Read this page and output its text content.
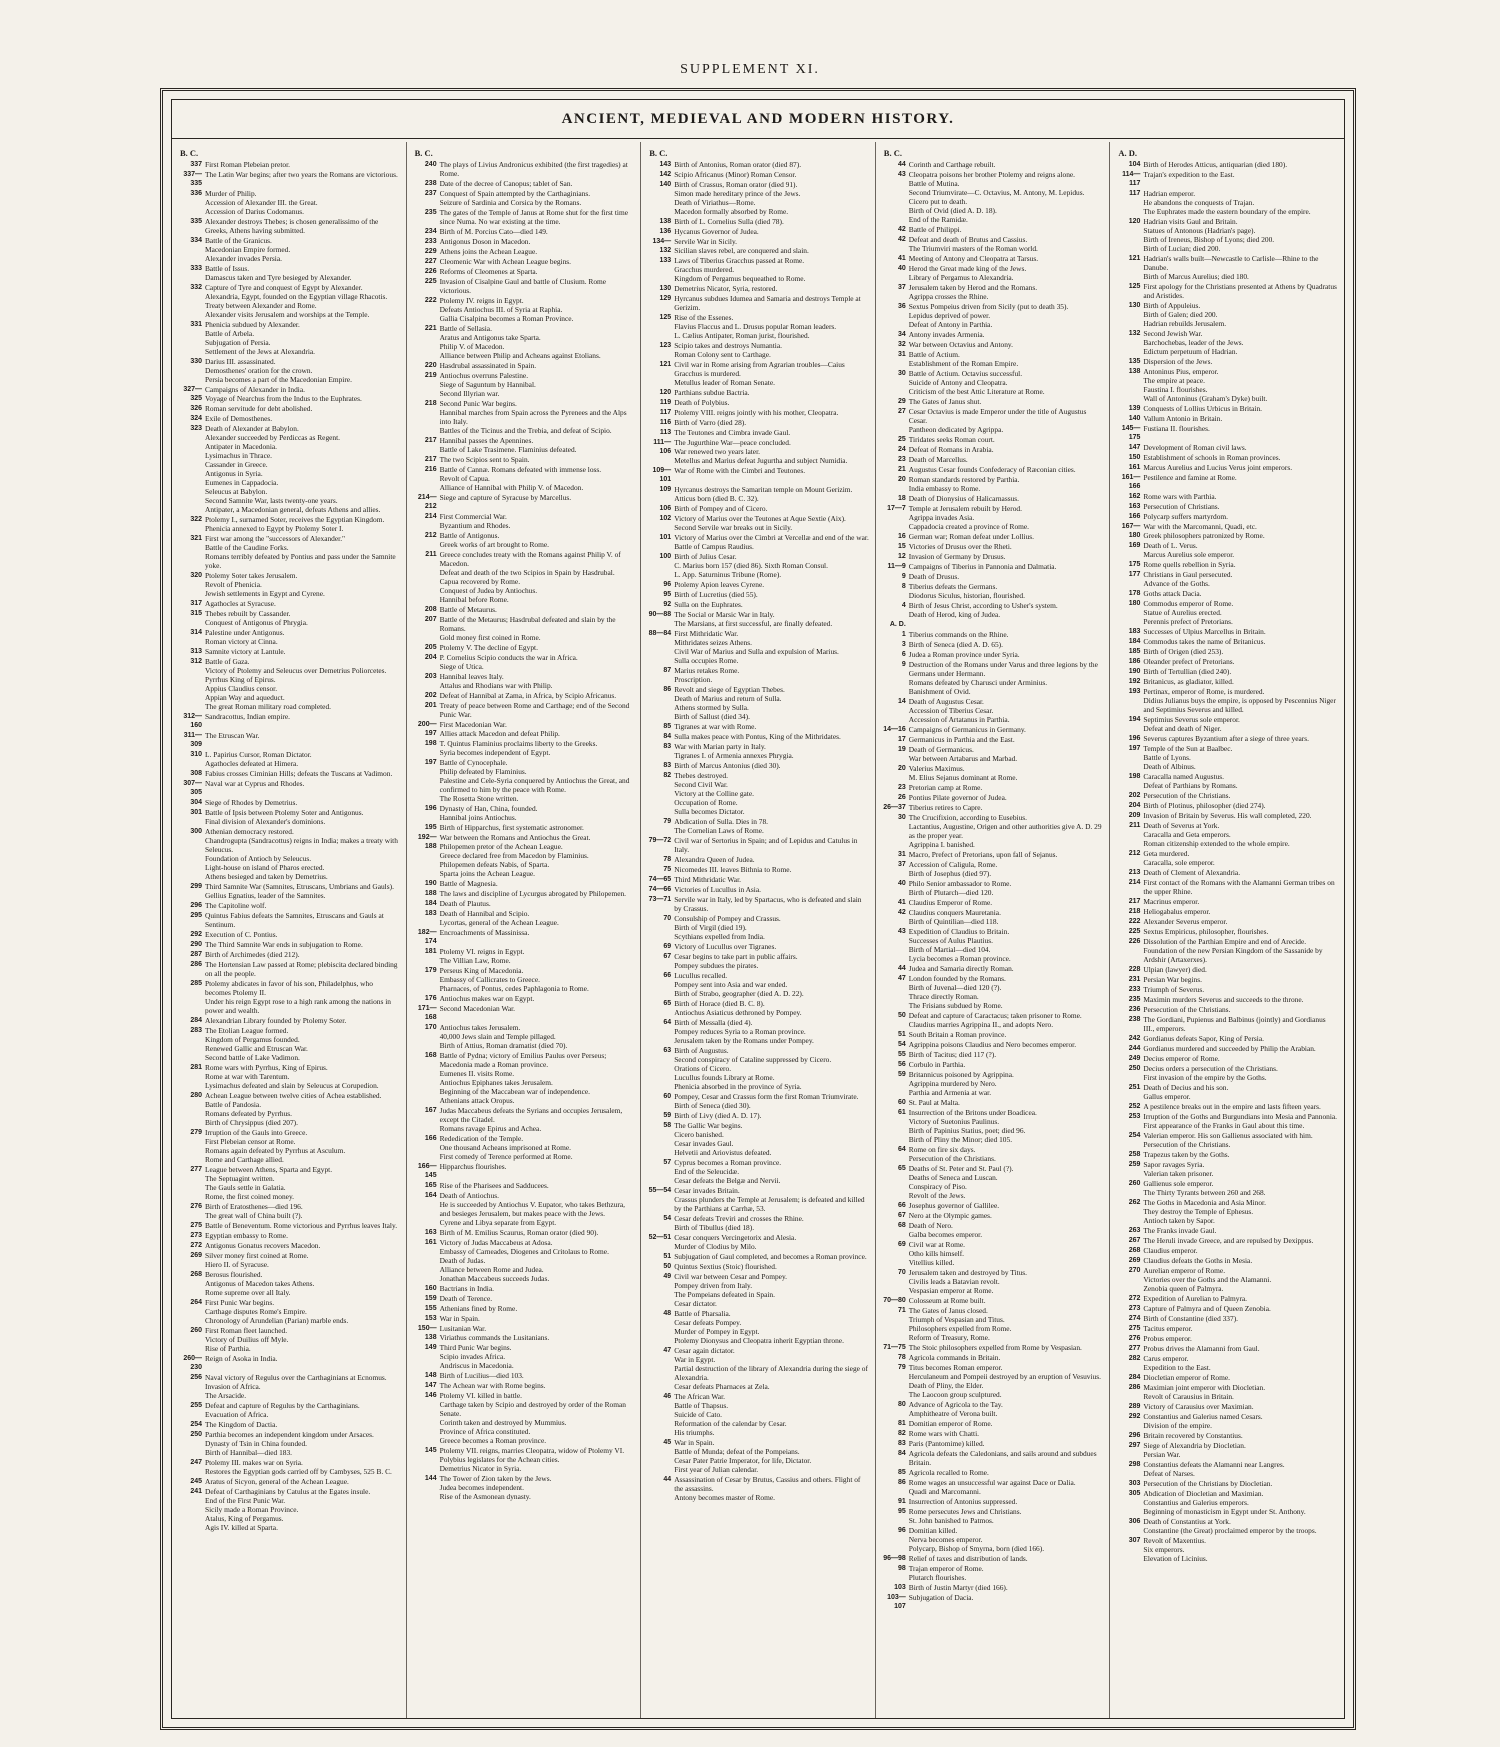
SUPPLEMENT XI.
ANCIENT, MEDIEVAL AND MODERN HISTORY.
B. C.
337 First Roman Plebeian pretor.
337—335
The Latin War begins; after two years the Romans are victorious.
336 Murder of Philip.
Accession of Alexander III. the Great.
Accession of Darius Codomanus.
335 Alexander destroys Thebes; is chosen generalissimo of the Greeks, Athens having submitted.
334 Battle of the Granicus.
Macedonian Empire formed.
Alexander invades Persia.
333 Battle of Issus.
Damascus taken and Tyre besieged by Alexander.
332 Capture of Tyre and conquest of Egypt by Alexander.
Alexandria, Egypt, founded on the Egyptian village Rhacotis.
Treaty between Alexander and Rome.
Alexander visits Jerusalem and worships at the Temple.
331 Phenicia subdued by Alexander.
Battle of Arbela.
Subjugation of Persia.
Settlement of the Jews at Alexandria.
330 Darius III. assassinated.
Demosthenes' oration for the crown.
Persia becomes a part of the Macedonian Empire.
327—325
Campaigns of Alexander in India.
Voyage of Nearchus from the Indus to the Euphrates.
326 Roman servitude for debt abolished.
324 Exile of Demosthenes.
323 Death of Alexander at Babylon.
Alexander succeeded by Perdiccas as Regent.
Antipater in Macedonia.
Lysimachus in Thrace.
Cassander in Greece.
Antigonus in Syria.
Eumenes in Cappadocia.
Seleucus at Babylon.
Second Samnite War, lasts twenty-one years.
Antipater, a Macedonian general, defeats Athens and allies.
322 Ptolemy I., surnamed Soter, receives the Egyptian Kingdom.
Phenicia annexed to Egypt by Ptolemy Soter I.
321 First war among the "successors of Alexander."
Battle of the Caudine Forks.
Romans terribly defeated by Pontius and pass under the Samnite yoke.
320 Ptolemy Soter takes Jerusalem.
Revolt of Phenicia.
Jewish settlements in Egypt and Cyrene.
317 Agathocles at Syracuse.
315 Thebes rebuilt by Cassander.
Conquest of Antigonus of Phrygia.
314 Palestine under Antigonus.
Roman victory at Cinna.
313 Samnite victory at Lantule.
312 Battle of Gaza.
Victory of Ptolemy and Seleucus over Demetrius Poliorcetes.
Pyrrhus King of Epirus.
Appius Claudius censor.
Appian Way and aqueduct.
The great Roman military road completed.
312—160
Sandracottus, Indian empire.
311—309
The Etruscan War.
310 L. Papirius Cursor, Roman Dictator.
Agathocles defeated at Himera.
308 Fabius crosses Ciminian Hills; defeats the Tuscans at Vadimon.
307—305
Naval war at Cyprus and Rhodes.
304 Siege of Rhodes by Demetrius.
301 Battle of Ipsis between Ptolemy Soter and Antigonus.
Final division of Alexander's dominions.
300 Athenian democracy restored.
Chandrogupta (Sandracottus) reigns in India; makes a treaty with Seleucus.
Foundation of Antioch by Seleucus.
Light-house on island of Pharos erected.
Athens besieged and taken by Demetrius.
299 Third Samnite War (Samnites, Etruscans, Umbrians and Gauls).
Gellius Egnatius, leader of the Samnites.
296 The Capitoline wolf.
295 Quintus Fabius defeats the Samnites, Etruscans and Gauls at Sentinum.
292 Execution of C. Pontius.
290 The Third Samnite War ends in subjugation to Rome.
287 Birth of Archimedes (died 212).
286 The Hortensian Law passed at Rome; plebiscita declared binding on all the people.
285 Ptolemy abdicates in favor of his son, Philadelphus, who becomes Ptolemy II.
Under his reign Egypt rose to a high rank among the nations in power and wealth.
284 Alexandrian Library founded by Ptolemy Soter.
283 The Etolian League formed.
Kingdom of Pergamus founded.
Renewed Gallic and Etruscan War.
Second battle of Lake Vadimon.
281 Rome wars with Pyrrhus, King of Epirus.
Rome at war with Tarentum.
Lysimachus defeated and slain by Seleucus at Corupedion.
280 Achean League between twelve cities of Achea established.
Battle of Pandosia.
Romans defeated by Pyrrhus.
Birth of Chrysippus (died 207).
279 Irruption of the Gauls into Greece.
First Plebeian censor at Rome.
Romans again defeated by Pyrrhus at Asculum.
Rome and Carthage allied.
277 League between Athens, Sparta and Egypt.
The Septuagint written.
The Gauls settle in Galatia.
Rome, the first coined money.
276 Birth of Eratosthenes—died 196.
The great wall of China built (?).
275 Battle of Beneventum. Rome victorious and Pyrrhus leaves Italy.
273 Egyptian embassy to Rome.
272 Antigonus Gonatus recovers Macedon.
269 Silver money first coined at Rome.
Hiero II. of Syracuse.
268 Berosus flourished.
Antigonus of Macedon takes Athens.
Rome supreme over all Italy.
264 First Punic War begins.
Carthage disputes Rome's Empire.
Chronology of Arundelian (Parian) marble ends.
260 First Roman fleet launched.
Victory of Duilius off Myle.
Rise of Parthia.
260—230
Reign of Asoka in India.
256 Naval victory of Regulus over the Carthaginians at Ecnomus.
Invasion of Africa.
The Arsacide.
255 Defeat and capture of Regulus by the Carthaginians.
Evacuation of Africa.
254 The Kingdom of Dactia.
250 Parthia becomes an independent kingdom under Arsaces.
Dynasty of Tsin in China founded.
Birth of Hannibal—died 183.
247 Ptolemy III. makes war on Syria.
Restores the Egyptian gods carried off by Cambyses, 525 B. C.
245 Aratus of Sicyon, general of the Achean League.
241 Defeat of Carthaginians by Catulus at the Egates insule.
End of the First Punic War.
Sicily made a Roman Province.
Atalus, King of Pergamus.
Agis IV. killed at Sparta.
B. C.
240 The plays of Livius Andronicus exhibited (the first tragedies) at Rome.
238 Date of the decree of Canopus; tablet of San.
237 Conquest of Spain attempted by the Carthaginians.
Seizure of Sardinia and Corsica by the Romans.
235 The gates of the Temple of Janus at Rome shut for the first time since Numa. No war existing at the time.
234 Birth of M. Porcius Cato—died 149.
233 Antigonus Doson in Macedon.
229 Athens joins the Achean League.
227 Cleomenic War with Achean League begins.
226 Reforms of Cleomenes at Sparta.
225 Invasion of Cisalpine Gaul and battle of Clusium. Rome victorious.
222 Ptolemy IV. reigns in Egypt.
Defeats Antiochus III. of Syria at Raphia.
Gallia Cisalpina becomes a Roman Province.
221 Battle of Sellasia.
Aratus and Antigonus take Sparta.
Philip V. of Macedon.
Alliance between Philip and Acheans against Etolians.
220 Hasdrubal assassinated in Spain.
219 Antiochus overruns Palestine.
Siege of Saguntum by Hannibal.
Second Illyrian war.
218 Second Punic War begins.
Hannibal marches from Spain across the Pyrenees and the Alps into Italy.
Battles of the Ticinus and the Trebia, and defeat of Scipio.
217 Hannibal passes the Apennines.
Battle of Lake Trasimene. Flaminius defeated.
217 The two Scipios sent to Spain.
216 Battle of Cannæ. Romans defeated with immense loss.
Revolt of Capua.
Alliance of Hannibal with Philip V. of Macedon.
214—212
Siege and capture of Syracuse by Marcellus.
214 First Commercial War.
Byzantium and Rhodes.
212 Battle of Antigonus.
Greek works of art brought to Rome.
211 Greece concludes treaty with the Romans against Philip V. of Macedon.
Defeat and death of the two Scipios in Spain by Hasdrubal.
Capua recovered by Rome.
Conquest of Judea by Antiochus.
Hannibal before Rome.
208 Battle of Metaurus.
207 Battle of the Metaurus; Hasdrubal defeated and slain by the Romans.
Gold money first coined in Rome.
205 Ptolemy V. The decline of Egypt.
204 P. Cornelius Scipio conducts the war in Africa.
Siege of Utica.
203 Hannibal leaves Italy.
Attalus and Rhodians war with Philip.
202 Defeat of Hannibal at Zama, in Africa, by Scipio Africanus.
201 Treaty of peace between Rome and Carthage; end of the Second Punic War.
200—197
First Macedonian War.
Allies attack Macedon and defeat Philip.
198 T. Quintus Flaminius proclaims liberty to the Greeks.
Syria becomes independent of Egypt.
197 Battle of Cynocephale.
Philip defeated by Flaminius.
Palestine and Cele-Syria conquered by Antiochus the Great, and confirmed to him by the peace with Rome.
The Rosetta Stone written.
196 Dynasty of Han, China, founded.
Hannibal joins Antiochus.
195 Birth of Hipparchus, first systematic astronomer.
192—188
War between the Romans and Antiochus the Great.
Philopemen pretor of the Achean League.
Greece declared free from Macedon by Flaminius.
Philopemen defeats Nabis, of Sparta.
Sparta joins the Achean League.
190 Battle of Magnesia.
188 The laws and discipline of Lycurgus abrogated by Philopemen.
184 Death of Plautus.
183 Death of Hannibal and Scipio.
Lycortas, general of the Achean League.
182—174
Encroachments of Massinissa.
181 Ptolemy VI. reigns in Egypt.
The Villian Law, Rome.
179 Perseus King of Macedonia.
Embassy of Callicrates to Greece.
Pharnaces, of Pontus, cedes Paphlagonia to Rome.
176 Antiochus makes war on Egypt.
171—168
Second Macedonian War.
170 Antiochus takes Jerusalem.
40,000 Jews slain and Temple pillaged.
Birth of Attius, Roman dramatist (died 70).
168 Battle of Pydna; victory of Emilius Paulus over Perseus; Macedonia made a Roman province.
Eumenes II. visits Rome.
Antiochus Epiphanes takes Jerusalem.
Beginning of the Maccabean war of independence.
Athenians attack Oropus.
167 Judas Maccabeus defeats the Syrians and occupies Jerusalem, except the Citadel.
Romans ravage Epirus and Achea.
166 Rededication of the Temple.
One thousand Acheans imprisoned at Rome.
First comedy of Terence performed at Rome.
166—145
Hipparchus flourishes.
165 Rise of the Pharisees and Sadducees.
164 Death of Antiochus.
He is succeeded by Antiochus V. Eupator, who takes Bethzura, and besieges Jerusalem, but makes peace with the Jews.
Cyrene and Libya separate from Egypt.
163 Birth of M. Emilius Scaurus, Roman orator (died 90).
161 Victory of Judas Maccabeus at Adosa.
Embassy of Carneades, Diogenes and Critolaus to Rome.
Death of Judas.
Alliance between Rome and Judea.
Jonathan Maccabeus succeeds Judas.
160 Bactrians in India.
159 Death of Terence.
155 Athenians fined by Rome.
153 War in Spain.
150—138
Lusitanian War.
Viriathus commands the Lusitanians.
149 Third Punic War begins.
Scipio invades Africa.
Andriscus in Macedonia.
148 Birth of Lucilius—died 103.
147 The Achean war with Rome begins.
146 Ptolemy VI. killed in battle.
Carthage taken by Scipio and destroyed by order of the Roman Senate.
Corinth taken and destroyed by Mummius.
Province of Africa constituted.
Greece becomes a Roman province.
145 Ptolemy VII. reigns, marries Cleopatra, widow of Ptolemy VI.
Polybius legislates for the Achean cities.
Demetrius Nicator in Syria.
144 The Tower of Zion taken by the Jews.
Judea becomes independent.
Rise of the Asmonean dynasty.
B. C.
143 Birth of Antonius, Roman orator (died 87).
142 Scipio Africanus (Minor) Roman Censor.
140 Birth of Crassus, Roman orator (died 91).
Simon made hereditary prince of the Jews.
Death of Viriathus—Rome.
Macedon formally absorbed by Rome.
138 Birth of L. Cornelius Sulla (died 78).
136 Hycanus Governor of Judea.
134—132
Servile War in Sicily.
Sicilian slaves rebel, are conquered and slain.
133 Laws of Tiberius Gracchus passed at Rome.
Gracchus murdered.
Kingdom of Pergamus bequeathed to Rome.
130 Demetrius Nicator, Syria, restored.
129 Hyrcanus subdues Idumea and Samaria and destroys Temple at Gerizim.
125 Rise of the Essenes.
Flavius Flaccus and L. Drusus popular Roman leaders.
L. Cælius Antipater, Roman jurist, flourished.
123 Scipio takes and destroys Numantia.
Roman Colony sent to Carthage.
121 Civil war in Rome arising from Agrarian troubles—Caius Gracchus is murdered.
Metullus leader of Roman Senate.
120 Parthians subdue Bactria.
119 Death of Polybius.
117 Ptolemy VIII. reigns jointly with his mother, Cleopatra.
116 Birth of Varro (died 28).
113 The Teutones and Cimbra invade Gaul.
111—106
The Jugurthine War—peace concluded.
War renewed two years later.
Metellus and Marius defeat Jugurtha and subject Numidia.
109—101
War of Rome with the Cimbri and Teutones.
109 Hyrcanus destroys the Samaritan temple on Mount Gerizim.
Atticus born (died B. C. 32).
106 Birth of Pompey and of Cicero.
102 Victory of Marius over the Teutones at Aque Sextie (Aix).
Second Servile war breaks out in Sicily.
101 Victory of Marius over the Cimbri at Vercellæ and end of the war.
Battle of Campus Raudius.
100 Birth of Julius Cesar.
C. Marius born 157 (died 86). Sixth Roman Consul.
L. App. Saturninus Tribune (Rome).
96 Ptolemy Apion leaves Cyrene.
95 Birth of Lucretius (died 55).
92 Sulla on the Euphrates.
90—88 The Social or Marsic War in Italy.
The Marsians, at first successful, are finally defeated.
88—84 First Mithridatic War.
Mithridates seizes Athens.
Civil War of Marius and Sulla and expulsion of Marius.
Sulla occupies Rome.
87 Marius retakes Rome.
Proscription.
86 Revolt and siege of Egyptian Thebes.
Death of Marius and return of Sulla.
Athens stormed by Sulla.
Birth of Sallust (died 34).
85 Tigranes at war with Rome.
84 Sulla makes peace with Pontus, King of the Mithridates.
83 War with Marian party in Italy.
Tigranes I. of Armenia annexes Phrygia.
83 Birth of Marcus Antonius (died 30).
82 Thebes destroyed.
Second Civil War.
Victory at the Colline gate.
Occupation of Rome.
Sulla becomes Dictator.
79 Abdication of Sulla. Dies in 78.
The Cornelian Laws of Rome.
79—72 Civil war of Sertorius in Spain; and of Lepidus and Catulus in Italy.
78 Alexandra Queen of Judea.
75 Nicomedes III. leaves Bithnia to Rome.
74—65 Third Mithridatic War.
74—66 Victories of Lucullus in Asia.
73—71 Servile war in Italy, led by Spartacus, who is defeated and slain by Crassus.
70 Consulship of Pompey and Crassus.
Birth of Virgil (died 19).
Scythians expelled from India.
69 Victory of Lucullus over Tigranes.
67 Cesar begins to take part in public affairs.
Pompey subdues the pirates.
66 Lucullus recalled.
Pompey sent into Asia and war ended.
Birth of Strabo, geographer (died A. D. 22).
65 Birth of Horace (died B. C. 8).
Antiochus Asiaticus dethroned by Pompey.
64 Birth of Messalla (died 4).
Pompey reduces Syria to a Roman province.
Jerusalem taken by the Romans under Pompey.
63 Birth of Augustus.
Second conspiracy of Cataline suppressed by Cicero.
Orations of Cicero.
Lucullus founds Library at Rome.
Phenicia absorbed in the province of Syria.
60 Pompey, Cesar and Crassus form the first Roman Triumvirate.
Birth of Seneca (died 30).
59 Birth of Livy (died A. D. 17).
58 The Gallic War begins.
Cicero banished.
Cesar invades Gaul.
Helvetii and Ariovistus defeated.
57 Cyprus becomes a Roman province.
End of the Seleucidæ.
Cesar defeats the Belgæ and Nervii.
55—54 Cesar invades Britain.
Crassus plunders the Temple at Jerusalem; is defeated and killed by the Parthians at Carrhæ, 53.
54 Cesar defeats Treviri and crosses the Rhine.
Birth of Tibullus (died 18).
52—51 Cesar conquers Vercingetorix and Alesia.
Murder of Clodius by Milo.
51 Subjugation of Gaul completed, and becomes a Roman province.
50 Quintus Sextius (Stoic) flourished.
49 Civil war between Cesar and Pompey.
Pompey driven from Italy.
The Pompeians defeated in Spain.
Cesar dictator.
48 Battle of Pharsalia.
Cesar defeats Pompey.
Murder of Pompey in Egypt.
Ptolemy Dionysus and Cleopatra inherit Egyptian throne.
47 Cesar again dictator.
War in Egypt.
Partial destruction of the library of Alexandria during the siege of Alexandria.
Cesar defeats Pharnaces at Zela.
46 The African War.
Battle of Thapsus.
Suicide of Cato.
Reformation of the calendar by Cesar.
His triumphs.
45 War in Spain.
Battle of Munda; defeat of the Pompeians.
Cesar Pater Patrie Imperator, for life, Dictator.
First year of Julian calendar.
44 Assassination of Cesar by Brutus, Cassius and others. Flight of the assassins.
Antony becomes master of Rome.
B. C.
44 Corinth and Carthage rebuilt.
43 Cleopatra poisons her brother Ptolemy and reigns alone.
Battle of Mutina.
Second Triumvirate—C. Octavius, M. Antony, M. Lepidus.
Cicero put to death.
Birth of Ovid (died A. D. 18).
End of the Ramidæ.
42 Battle of Philippi.
42 Defeat and death of Brutus and Cassius.
The Triumviri masters of the Roman world.
41 Meeting of Antony and Cleopatra at Tarsus.
40 Herod the Great made king of the Jews.
Library of Pergamus to Alexandria.
37 Jerusalem taken by Herod and the Romans.
Agrippa crosses the Rhine.
36 Sextus Pompeius driven from Sicily (put to death 35).
Lepidus deprived of power.
Defeat of Antony in Parthia.
34 Antony invades Armenia.
32 War between Octavius and Antony.
31 Battle of Actium.
Establishment of the Roman Empire.
30 Battle of Actium. Octavius successful.
Suicide of Antony and Cleopatra.
Criticism of the best Attic Literature at Rome.
29 The Gates of Janus shut.
27 Cesar Octavius is made Emperor under the title of Augustus Cesar.
Pantheon dedicated by Agrippa.
25 Tiridates seeks Roman court.
24 Defeat of Romans in Arabia.
23 Death of Marcellus.
21 Augustus Cesar founds Confederacy of Ræconian cities.
20 Roman standards restored by Parthia.
India embassy to Rome.
18 Death of Dionysius of Halicarnassus.
17—7 Temple at Jerusalem rebuilt by Herod.
Agrippa invades Asia.
Cappadocia created a province of Rome.
16 German war; Roman defeat under Lollius.
15 Victories of Drusus over the Rheti.
12 Invasion of Germany by Drusus.
11—9 Campaigns of Tiberius in Pannonia and Dalmatia.
9 Death of Drusus.
8 Tiberius defeats the Germans.
Diodorus Siculus, historian, flourished.
4 Birth of Jesus Christ, according to Usher's system.
Death of Herod, king of Judea.
A. D.
1 Tiberius commands on the Rhine.
3 Birth of Seneca (died A. D. 65).
6 Judea a Roman province under Syria.
9 Destruction of the Romans under Varus and three legions by the Germans under Hermann.
Romans defeated by Charusci under Arminius.
Banishment of Ovid.
14 Death of Augustus Cesar.
Accession of Tiberius Cesar.
Accession of Artatanus in Parthia.
14—16 Campaigns of Germanicus in Germany.
17 Germanicus in Parthia and the East.
19 Death of Germanicus.
War between Artabarus and Marbad.
20 Valerius Maximus.
M. Elius Sejanus dominant at Rome.
23 Pretorian camp at Rome.
26 Pontius Pilate governor of Judea.
26—37 Tiberius retires to Capre.
30 The Crucifixion, according to Eusebius.
Lactantius, Augustine, Origen and other authorities give A. D. 29 as the proper year.
Agrippina I. banished.
31 Macro, Prefect of Pretorians, upon fall of Sejanus.
37 Accession of Caligula, Rome.
Birth of Josephus (died 97).
40 Philo Senior ambassador to Rome.
Birth of Plutarch—died 120.
41 Claudius Emperor of Rome.
42 Claudius conquers Mauretania.
Birth of Quintilian—died 118.
43 Expedition of Claudius to Britain.
Successes of Aulus Plautius.
Birth of Martial—died 104.
Lycia becomes a Roman province.
44 Judea and Samaria directly Roman.
47 London founded by the Romans.
Birth of Juvenal—died 120 (?).
Thrace directly Roman.
The Frisians subdued by Rome.
50 Defeat and capture of Caractacus; taken prisoner to Rome.
Claudius marries Agrippina II., and adopts Nero.
51 South Britain a Roman province.
54 Agrippina poisons Claudius and Nero becomes emperor.
55 Birth of Tacitus; died 117 (?).
56 Corbulo in Parthia.
59 Britannicus poisoned by Agrippina.
Agrippina murdered by Nero.
Parthia and Armenia at war.
60 St. Paul at Malta.
61 Insurrection of the Britons under Boadicea.
Victory of Suetonius Paulinus.
Birth of Papinius Statius, poet; died 96.
Birth of Pliny the Minor; died 105.
64 Rome on fire six days.
Persecution of the Christians.
65 Deaths of St. Peter and St. Paul (?).
Deaths of Seneca and Luscan.
Conspiracy of Piso.
Revolt of the Jews.
66 Josephus governor of Gallilee.
67 Nero at the Olympic games.
68 Death of Nero.
Galba becomes emperor.
69 Civil war at Rome.
Otho kills himself.
Vitellius killed.
70 Jerusalem taken and destroyed by Titus.
Civilis leads a Batavian revolt.
Vespasian emperor at Rome.
70—80 Colosseum at Rome built.
71 The Gates of Janus closed.
Triumph of Vespasian and Titus.
Philosophers expelled from Rome.
Reform of Treasury, Rome.
71—75 The Stoic philosophers expelled from Rome by Vespasian.
78 Agricola commands in Britain.
79 Titus becomes Roman emperor.
Herculaneum and Pompeii destroyed by an eruption of Vesuvius.
Death of Pliny, the Elder.
The Laocoon group sculptured.
80 Advance of Agricola to the Tay.
Amphitheatre of Verona built.
81 Domitian emperor of Rome.
82 Rome wars with Chatti.
83 Paris (Pantomime) killed.
84 Agricola defeats the Caledonians, and sails around and subdues Britain.
85 Agricola recalled to Rome.
86 Rome wages an unsuccessful war against Dace or Dalia.
Quadi and Marcomanni.
91 Insurrection of Antonius suppressed.
95 Rome persecutes Jews and Christians.
St. John banished to Patmos.
96 Domitian killed.
Nerva becomes emperor.
Polycarp, Bishop of Smyrna, born (died 166).
96—98 Relief of taxes and distribution of lands.
98 Trajan emperor of Rome.
Plutarch flourishes.
103 Birth of Justin Martyr (died 166).
103—107
Subjugation of Dacia.
A. D.
104 Birth of Herodes Atticus, antiquarian (died 180).
114—117
Trajan's expedition to the East.
117 Hadrian emperor.
He abandons the conquests of Trajan.
The Euphrates made the eastern boundary of the empire.
120 Hadrian visits Gaul and Britain.
Statues of Antonous (Hadrian's page).
Birth of Ireneus, Bishop of Lyons; died 200.
Birth of Lucian; died 200.
121 Hadrian's walls built—Newcastle to Carlisle—Rhine to the Danube.
Birth of Marcus Aurelius; died 180.
125 First apology for the Christians presented at Athens by Quadratus and Aristides.
130 Birth of Appuleius.
Birth of Galen; died 200.
Hadrian rebuilds Jerusalem.
132 Second Jewish War.
Barchochebas, leader of the Jews.
Edictum perpetuum of Hadrian.
135 Dispersion of the Jews.
138 Antoninus Pius, emperor.
The empire at peace.
Faustina I. flourishes.
Wall of Antoninus (Graham's Dyke) built.
139 Conquests of Lollius Urbicus in Britain.
140 Vallum Antonio in Britain.
145—175
Fustiana II. flourishes.
147 Development of Roman civil laws.
150 Establishment of schools in Roman provinces.
161 Marcus Aurelius and Lucius Verus joint emperors.
161—166
Pestilence and famine at Rome.
162 Rome wars with Parthia.
163 Persecution of Christians.
166 Polycarp suffers martyrdom.
167—180
War with the Marcomanni, Quadi, etc.
Greek philosophers patronized by Rome.
169 Death of L. Verus.
Marcus Aurelius sole emperor.
175 Rome quells rebellion in Syria.
177 Christians in Gaul persecuted.
Advance of the Goths.
178 Goths attack Dacia.
180 Commodus emperor of Rome.
Statue of Aurelius erected.
Perennis prefect of Pretorians.
183 Successes of Ulpius Marcellus in Britain.
184 Commodus takes the name of Britanicus.
185 Birth of Origen (died 253).
186 Oleander prefect of Pretorians.
190 Birth of Tertullian (died 240).
192 Britanicus, as gladiator, killed.
193 Pertinax, emperor of Rome, is murdered.
Didius Julianus buys the empire, is opposed by Pescennius Niger and Septimius Severus and killed.
194 Septimius Severus sole emperor.
Defeat and death of Niger.
196 Severus captures Byzantium after a siege of three years.
197 Temple of the Sun at Baalbec.
Battle of Lyons.
Death of Albinus.
198 Caracalla named Augustus.
Defeat of Parthians by Romans.
202 Persecution of the Christians.
204 Birth of Plotinus, philosopher (died 274).
209 Invasion of Britain by Severus. His wall completed, 220.
211 Death of Severus at York.
Caracalla and Geta emperors.
Roman citizenship extended to the whole empire.
212 Geta murdered.
Caracalla, sole emperor.
213 Death of Clement of Alexandria.
214 First contact of the Romans with the Alamanni German tribes on the upper Rhine.
217 Macrinus emperor.
218 Heliogabalus emperor.
222 Alexander Severus emperor.
225 Sextus Empiricus, philosopher, flourishes.
226 Dissolution of the Parthian Empire and end of Arecide.
Foundation of the new Persian Kingdom of the Sassanide by Ardshir (Artaxerxes).
228 Ulpian (lawyer) died.
231 Persian War begins.
233 Triumph of Severus.
235 Maximin murders Severus and succeeds to the throne.
236 Persecution of the Christians.
238 The Gordiani, Pupienus and Balbinus (jointly) and Gordianus III., emperors.
242 Gordianus defeats Sapor, King of Persia.
244 Gordianus murdered and succeeded by Philip the Arabian.
249 Decius emperor of Rome.
250 Decius orders a persecution of the Christians.
First invasion of the empire by the Goths.
251 Death of Decius and his son.
Gallus emperor.
252 A pestilence breaks out in the empire and lasts fifteen years.
253 Irruption of the Goths and Burgundians into Mesia and Pannonia.
First appearance of the Franks in Gaul about this time.
254 Valerian emperor. His son Gallienus associated with him.
Persecution of the Christians.
258 Trapezus taken by the Goths.
259 Sapor ravages Syria.
Valerian taken prisoner.
260 Gallienus sole emperor.
The Thirty Tyrants between 260 and 268.
262 The Goths in Macedonia and Asia Minor.
They destroy the Temple of Ephesus.
Antioch taken by Sapor.
263 The Franks invade Gaul.
267 The Heruli invade Greece, and are repulsed by Dexippus.
268 Claudius emperor.
269 Claudius defeats the Goths in Mesia.
270 Aurelian emperor of Rome.
Victories over the Goths and the Alamanni.
Zenobia queen of Palmyra.
272 Expedition of Aurelian to Palmyra.
273 Capture of Palmyra and of Queen Zenobia.
274 Birth of Constantine (died 337).
275 Tacitus emperor.
276 Probus emperor.
277 Probus drives the Alamanni from Gaul.
282 Carus emperor.
Expedition to the East.
284 Diocletian emperor of Rome.
286 Maximian joint emperor with Diocletian.
Revolt of Carausius in Britain.
289 Victory of Carausius over Maximian.
292 Constantius and Galerius named Cesars.
Division of the empire.
296 Britain recovered by Constantius.
297 Siege of Alexandria by Diocletian.
Persian War.
298 Constantius defeats the Alamanni near Langres.
Defeat of Narses.
303 Persecution of the Christians by Diocletian.
305 Abdication of Diocletian and Maximian.
Constantius and Galerius emperors.
Beginning of monasticism in Egypt under St. Anthony.
306 Death of Constantius at York.
Constantine (the Great) proclaimed emperor by the troops.
307 Revolt of Maxentius.
Six emperors.
Elevation of Licinius.
